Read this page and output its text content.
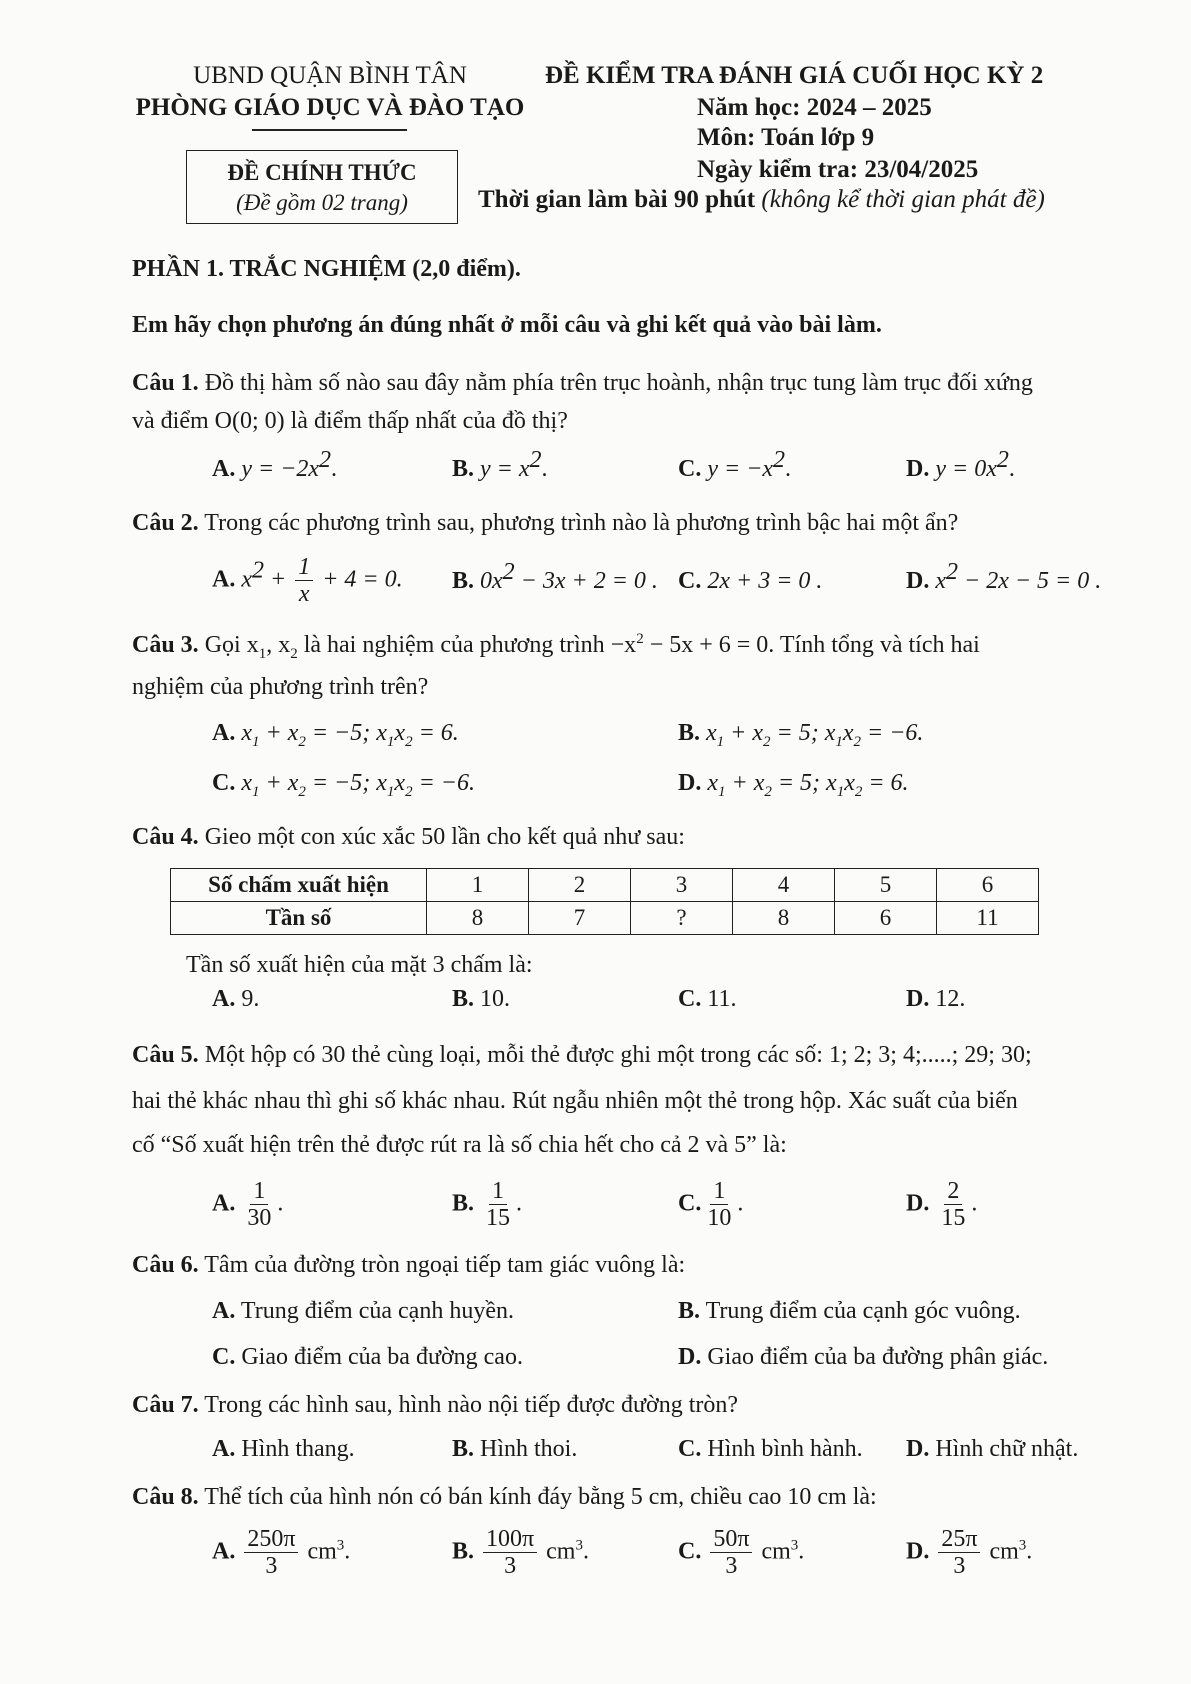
UBND QUẬN BÌNH TÂN
PHÒNG GIÁO DỤC VÀ ĐÀO TẠO
ĐỀ CHÍNH THỨC
(Đề gồm 02 trang)
ĐỀ KIỂM TRA ĐÁNH GIÁ CUỐI HỌC KỲ 2
Năm học: 2024 – 2025
Môn: Toán lớp 9
Ngày kiểm tra: 23/04/2025
Thời gian làm bài 90 phút (không kể thời gian phát đề)
PHẦN 1. TRẮC NGHIỆM (2,0 điểm).
Em hãy chọn phương án đúng nhất ở mỗi câu và ghi kết quả vào bài làm.
Câu 1. Đồ thị hàm số nào sau đây nằm phía trên trục hoành, nhận trục tung làm trục đối xứng
và điểm O(0; 0) là điểm thấp nhất của đồ thị?
A. $y = -2x^2$.	B. $y = x^2$.	C. $y = -x^2$.	D. $y = 0x^2$.
Câu 2. Trong các phương trình sau, phương trình nào là phương trình bậc hai một ẩn?
A. $x^2 + \frac{1}{x} + 4 = 0$. B. $0x^2 - 3x + 2 = 0$ . C. 2x + 3 = 0 .	D. $x^2 - 2x - 5 = 0$ .
Câu 3. Gọi $x_1$, $x_2$ là hai nghiệm của phương trình $-x^2 - 5x + 6 = 0$. Tính tổng và tích hai
nghiệm của phương trình trên?
A. $x_1 + x_2 = -5$; $x_1x_2 = 6$.	B. $x_1 + x_2 = 5$; $x_1x_2 = -6$.
C. $x_1 + x_2 = -5$; $x_1x_2 = -6$.	D. $x_1 + x_2 = 5$; $x_1x_2 = 6$.
Câu 4. Gieo một con xúc xắc 50 lần cho kết quả như sau:
Số chấm xuất hiện	1	2	3	4	5	6
Tần số	8	7	?	8	6	11
Tần số xuất hiện của mặt 3 chấm là:
A. 9.	B. 10.	C. 11.	D. 12.
Câu 5. Một hộp có 30 thẻ cùng loại, mỗi thẻ được ghi một trong các số: 1; 2; 3; 4;.....; 29; 30;
hai thẻ khác nhau thì ghi số khác nhau. Rút ngẫu nhiên một thẻ trong hộp. Xác suất của biến
cố “Số xuất hiện trên thẻ được rút ra là số chia hết cho cả 2 và 5” là:
A. $\frac{1}{30}$ .	B. $\frac{1}{15}$ .	C. $\frac{1}{10}$ .	D. $\frac{2}{15}$ .
Câu 6. Tâm của đường tròn ngoại tiếp tam giác vuông là:
A. Trung điểm của cạnh huyền.	B. Trung điểm của cạnh góc vuông.
C. Giao điểm của ba đường cao.	D. Giao điểm của ba đường phân giác.
Câu 7. Trong các hình sau, hình nào nội tiếp được đường tròn?
A. Hình thang.	B. Hình thoi.	C. Hình bình hành. D. Hình chữ nhật.
Câu 8. Thể tích của hình nón có bán kính đáy bằng 5 cm, chiều cao 10 cm là:
A. $\frac{250\pi}{3} cm^3$.	B. $\frac{100\pi}{3} cm^3$.	C. $\frac{50\pi}{3} cm^3$.	D. $\frac{25\pi}{3} cm^3$.
